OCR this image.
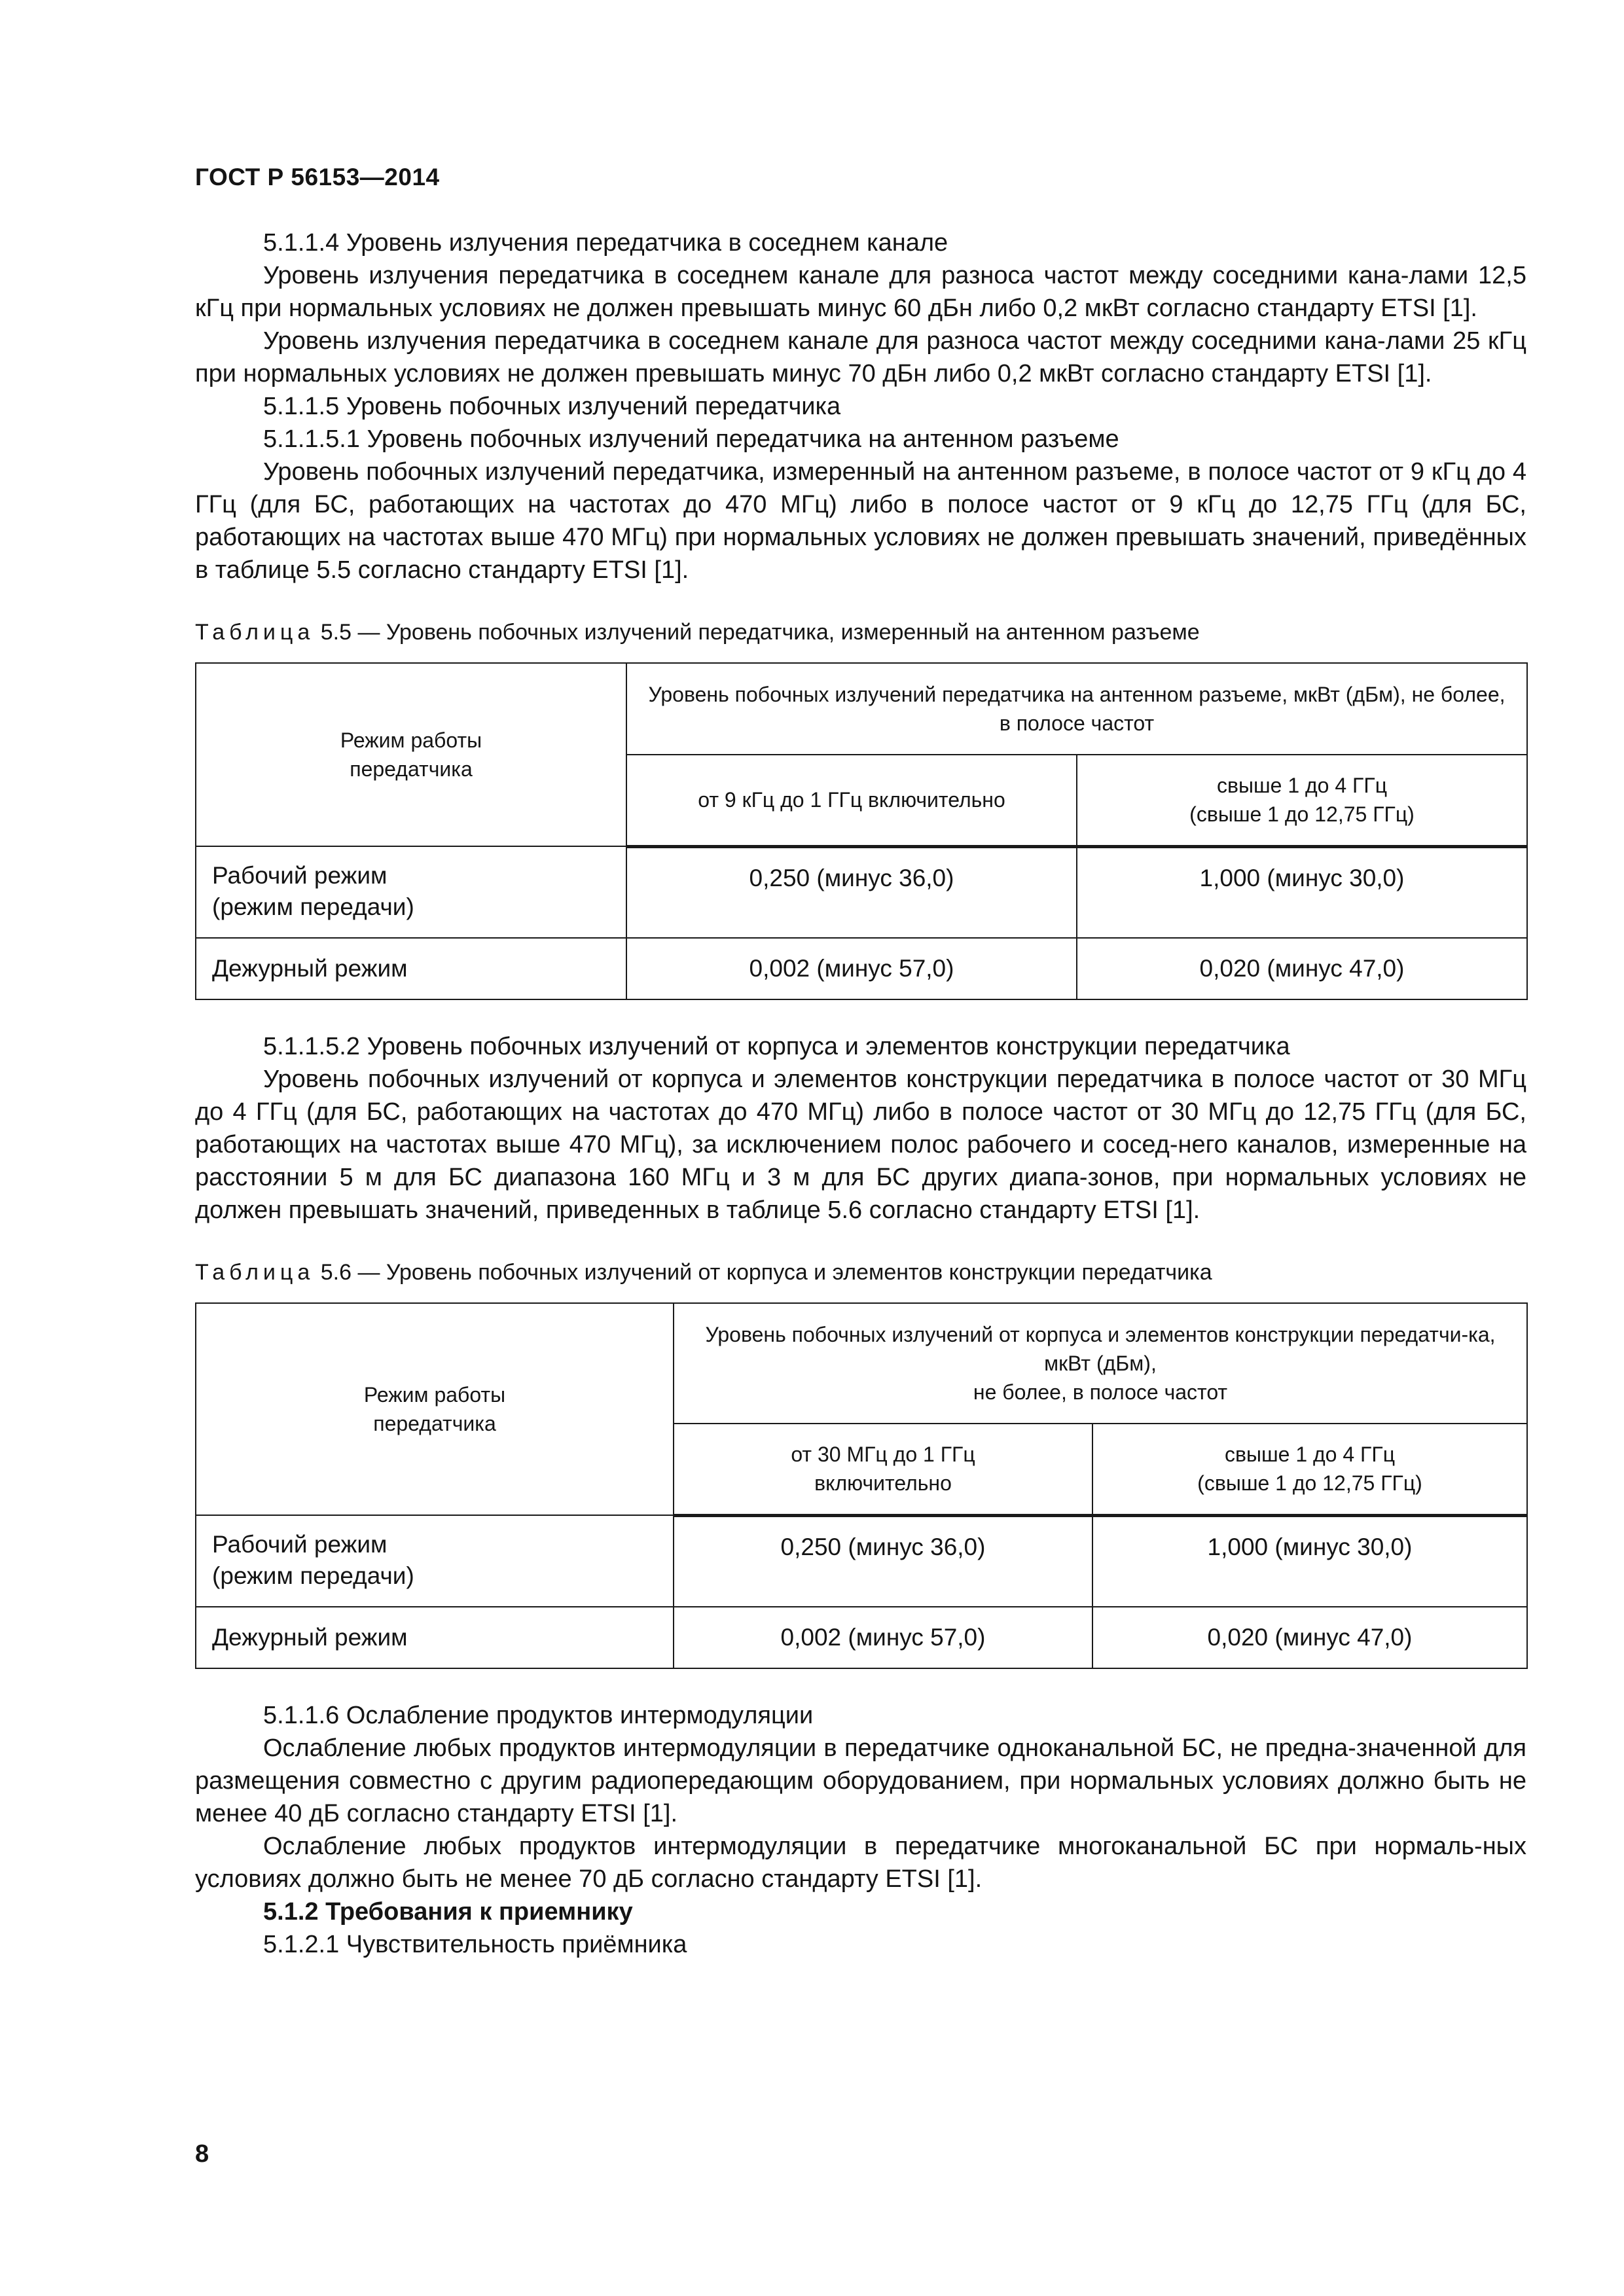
ГОСТ Р 56153—2014

5.1.1.4 Уровень излучения передатчика в соседнем канале

Уровень излучения передатчика в соседнем канале для разноса частот между соседними кана-лами 12,5 кГц при нормальных условиях не должен превышать минус 60 дБн либо 0,2 мкВт согласно стандарту ETSI [1].

Уровень излучения передатчика в соседнем канале для разноса частот между соседними кана-лами 25 кГц при нормальных условиях не должен превышать минус 70 дБн либо 0,2 мкВт согласно стандарту ETSI [1].

5.1.1.5 Уровень побочных излучений передатчика

5.1.1.5.1 Уровень побочных излучений передатчика на антенном разъеме

Уровень побочных излучений передатчика, измеренный на антенном разъеме, в полосе частот от 9 кГц до 4 ГГц (для БС, работающих на частотах до 470 МГц) либо в полосе частот от 9 кГц до 12,75 ГГц (для БС, работающих на частотах выше 470 МГц) при нормальных условиях не должен превышать значений, приведённых в таблице 5.5 согласно стандарту ETSI [1].

Таблица 5.5 — Уровень побочных излучений передатчика, измеренный на антенном разъеме

Режим работы передатчика	Уровень побочных излучений передатчика на антенном разъеме, мкВт (дБм), не более, в полосе частот	
	от 9 кГц до 1 ГГц включительно	свыше 1 до 4 ГГц
(свыше 1 до 12,75 ГГц)

Рабочий режим
(режим передачи)	0,250 (минус 36,0)	1,000 (минус 30,0)

Дежурный режим	0,002 (минус 57,0)	0,020 (минус 47,0)

5.1.1.5.2 Уровень побочных излучений от корпуса и элементов конструкции передатчика

Уровень побочных излучений от корпуса и элементов конструкции передатчика в полосе частот от 30 МГц до 4 ГГц (для БС, работающих на частотах до 470 МГц) либо в полосе частот от 30 МГц до 12,75 ГГц (для БС, работающих на частотах выше 470 МГц), за исключением полос рабочего и сосед-него каналов, измеренные на расстоянии 5 м для БС диапазона 160 МГц и 3 м для БС других диапа-зонов, при нормальных условиях не должен превышать значений, приведенных в таблице 5.6 согласно стандарту ETSI [1].

Таблица 5.6 — Уровень побочных излучений от корпуса и элементов конструкции передатчика

Режим работы передатчика	Уровень побочных излучений от корпуса и элементов конструкции передатчи-ка, мкВт (дБм),
не более, в полосе частот	

	от 30 МГц до 1 ГГц включительно	свыше 1 до 4 ГГц
(свыше 1 до 12,75 ГГц)

Рабочий режим
(режим передачи)	0,250 (минус 36,0)	1,000 (минус 30,0)

Дежурный режим	0,002 (минус 57,0)	0,020 (минус 47,0)

5.1.1.6 Ослабление продуктов интермодуляции

Ослабление любых продуктов интермодуляции в передатчике одноканальной БС, не предна-значенной для размещения совместно с другим радиопередающим оборудованием, при нормальных условиях должно быть не менее 40 дБ согласно стандарту ETSI [1].

Ослабление любых продуктов интермодуляции в передатчике многоканальной БС при нормаль-ных условиях должно быть не менее 70 дБ согласно стандарту ETSI [1].

5.1.2 Требования к приемнику

5.1.2.1 Чувствительность приёмника

8
